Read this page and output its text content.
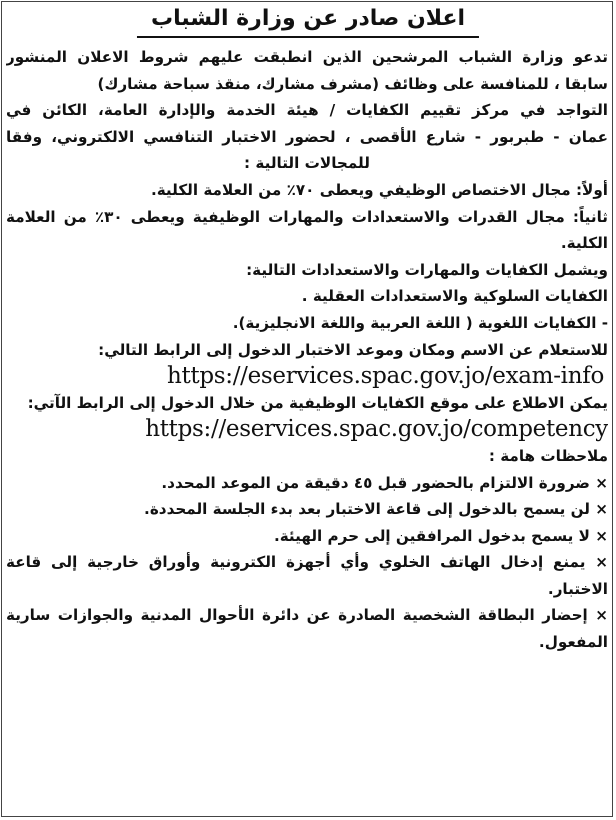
اعلان صادر عن وزارة الشباب
تدعو وزارة الشباب المرشحين الذين انطبقت عليهم شروط الاعلان المنشور
سابقا ، للمنافسة على وظائف (مشرف مشارك، منقذ سباحة مشارك)
التواجد في مركز تقييم الكفايات / هيئة الخدمة والإدارة العامة، الكائن في
عمان - طبربور - شارع الأقصى ، لحضور الاختبار التنافسي الالكتروني، وفقا
للمجالات التالية :
أولاً: مجال الاختصاص الوظيفي ويعطى ٧٠٪ من العلامة الكلية.
ثانياً: مجال القدرات والاستعدادات والمهارات الوظيفية ويعطى ٣٠٪ من العلامة
الكلية.
ويشمل الكفايات والمهارات والاستعدادات التالية:
الكفايات السلوكية والاستعدادات العقلية .
- الكفايات اللغوية ( اللغة العربية واللغة الانجليزية).
للاستعلام عن الاسم ومكان وموعد الاختبار الدخول إلى الرابط التالي:
https://eservices.spac.gov.jo/exam-info
يمكن الاطلاع على موقع الكفايات الوظيفية من خلال الدخول إلى الرابط الآتي:
https://eservices.spac.gov.jo/competency
ملاحظات هامة :
× ضرورة الالتزام بالحضور قبل ٤٥ دقيقة من الموعد المحدد.
× لن يسمح بالدخول إلى قاعة الاختبار بعد بدء الجلسة المحددة.
× لا يسمح بدخول المرافقين إلى حرم الهيئة.
× يمنع إدخال الهاتف الخلوي وأي أجهزة الكترونية وأوراق خارجية إلى قاعة
الاختبار.
× إحضار البطاقة الشخصية الصادرة عن دائرة الأحوال المدنية والجوازات سارية
المفعول.
